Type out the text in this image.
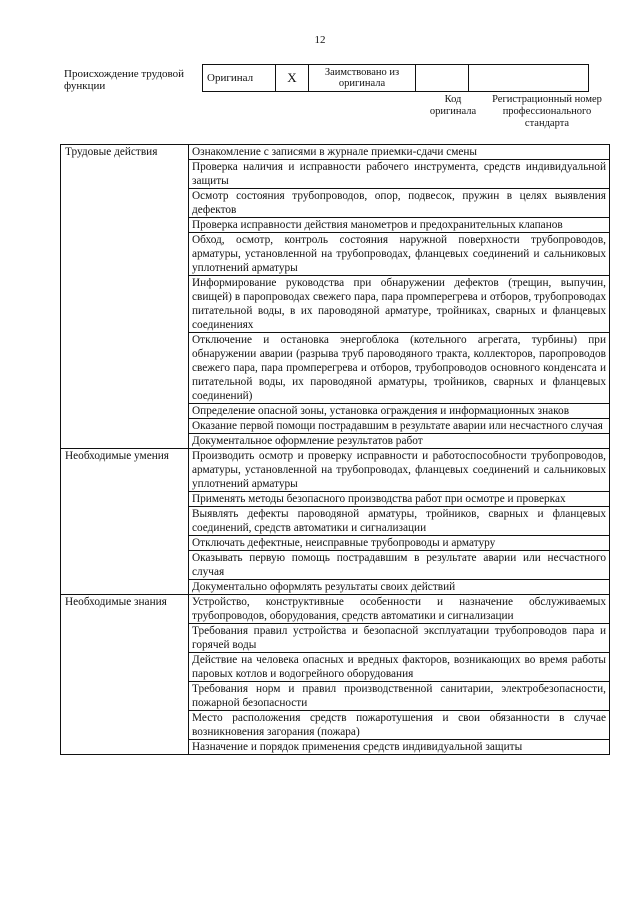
12
Происхождение трудовой функции
Оригинал	X	Заимствовано из оригинала		
Код оригинала
Регистрационный номер профессионального стандарта
Трудовые действия	Ознакомление с записями в журнале приемки-сдачи смены
	Проверка наличия и исправности рабочего инструмента, средств индивидуальной защиты
	Осмотр состояния трубопроводов, опор, подвесок, пружин в целях выявления дефектов
	Проверка исправности действия манометров и предохранительных клапанов
	Обход, осмотр, контроль состояния наружной поверхности трубопроводов, арматуры, установленной на трубопроводах, фланцевых соединений и сальниковых уплотнений арматуры
	Информирование руководства при обнаружении дефектов (трещин, выпучин, свищей) в паропроводах свежего пара, пара промперегрева и отборов, трубопроводах питательной воды, в их пароводяной арматуре, тройниках, сварных и фланцевых соединениях
	Отключение и остановка энергоблока (котельного агрегата, турбины) при обнаружении аварии (разрыва труб пароводяного тракта, коллекторов, паропроводов свежего пара, пара промперегрева и отборов, трубопроводов основного конденсата и питательной воды, их пароводяной арматуры, тройников, сварных и фланцевых соединений)
	Определение опасной зоны, установка ограждения и информационных знаков
	Оказание первой помощи пострадавшим в результате аварии или несчастного случая
	Документальное оформление результатов работ
Необходимые умения	Производить осмотр и проверку исправности и работоспособности трубопроводов, арматуры, установленной на трубопроводах, фланцевых соединений и сальниковых уплотнений арматуры
	Применять методы безопасного производства работ при осмотре и проверках
	Выявлять дефекты пароводяной арматуры, тройников, сварных и фланцевых соединений, средств автоматики и сигнализации
	Отключать дефектные, неисправные трубопроводы и арматуру
	Оказывать первую помощь пострадавшим в результате аварии или несчастного случая
	Документально оформлять результаты своих действий
Необходимые знания	Устройство, конструктивные особенности и назначение обслуживаемых трубопроводов, оборудования, средств автоматики и сигнализации
	Требования правил устройства и безопасной эксплуатации трубопроводов пара и горячей воды
	Действие на человека опасных и вредных факторов, возникающих во время работы паровых котлов и водогрейного оборудования
	Требования норм и правил производственной санитарии, электробезопасности, пожарной безопасности
	Место расположения средств пожаротушения и свои обязанности в случае возникновения загорания (пожара)
	Назначение и порядок применения средств индивидуальной защиты
